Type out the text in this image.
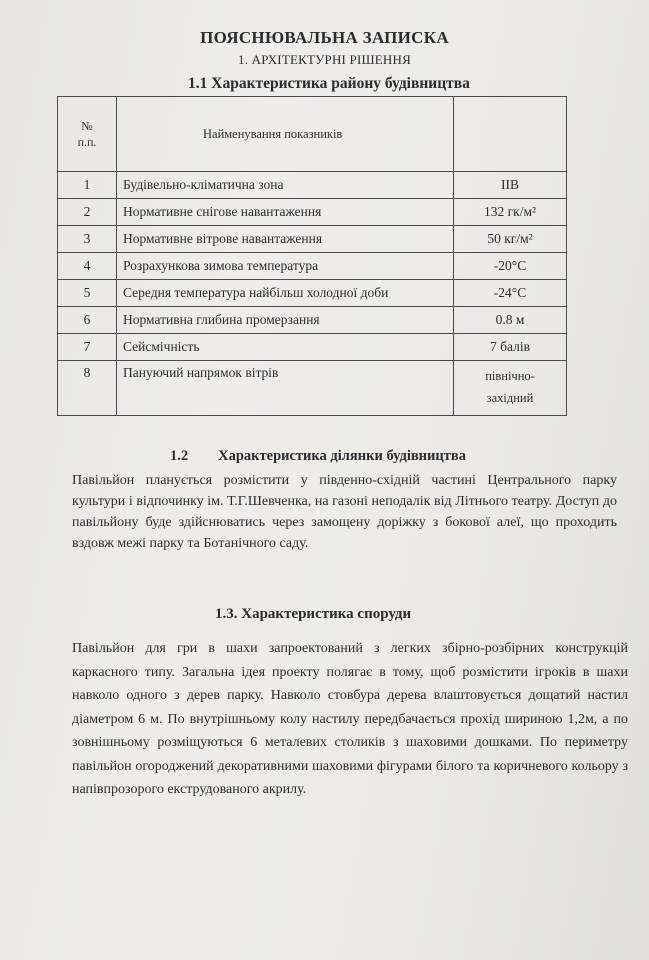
ПОЯСНЮВАЛЬНА ЗАПИСКА
1. АРХІТЕКТУРНІ РІШЕННЯ
1.1 Характеристика району будівництва
№
п.п.	Найменування показників	
1	Будівельно-кліматична зона	ІІВ
2	Нормативне снігове навантаження	132 гк/м²
3	Нормативне вітрове навантаження	50 кг/м²
4	Розрахункова зимова температура	-20°С
5	Середня температура найбільш холодної доби	-24°С
6	Нормативна глибина промерзання	0.8 м
7	Сейсмічність	7 балів
8	Пануючий напрямок вітрів	північно-
західний
1.2 Характеристика ділянки будівництва

Павільйон планується розмістити у південно-східній частині Центрального парку культури і відпочинку ім. Т.Г.Шевченка, на газоні неподалік від Літнього театру. Доступ до павільйону буде здійснюватись через замощену доріжку з бокової алеї, що проходить вздовж межі парку та Ботанічного саду.

1.3. Характеристика споруди

Павільйон для гри в шахи запроектований з легких збірно-розбірних конструкцій каркасного типу. Загальна ідея проекту полягає в тому, щоб розмістити ігроків в шахи навколо одного з дерев парку. Навколо стовбура дерева влаштовується дощатий настил діаметром 6 м. По внутрішньому колу настилу передбачається прохід шириною 1,2м, а по зовнішньому розміщуються 6 металевих столиків з шаховими дошками. По периметру павільйон огороджений декоративними шаховими фігурами білого та коричневого кольору з напівпрозорого екструдованого акрилу.
